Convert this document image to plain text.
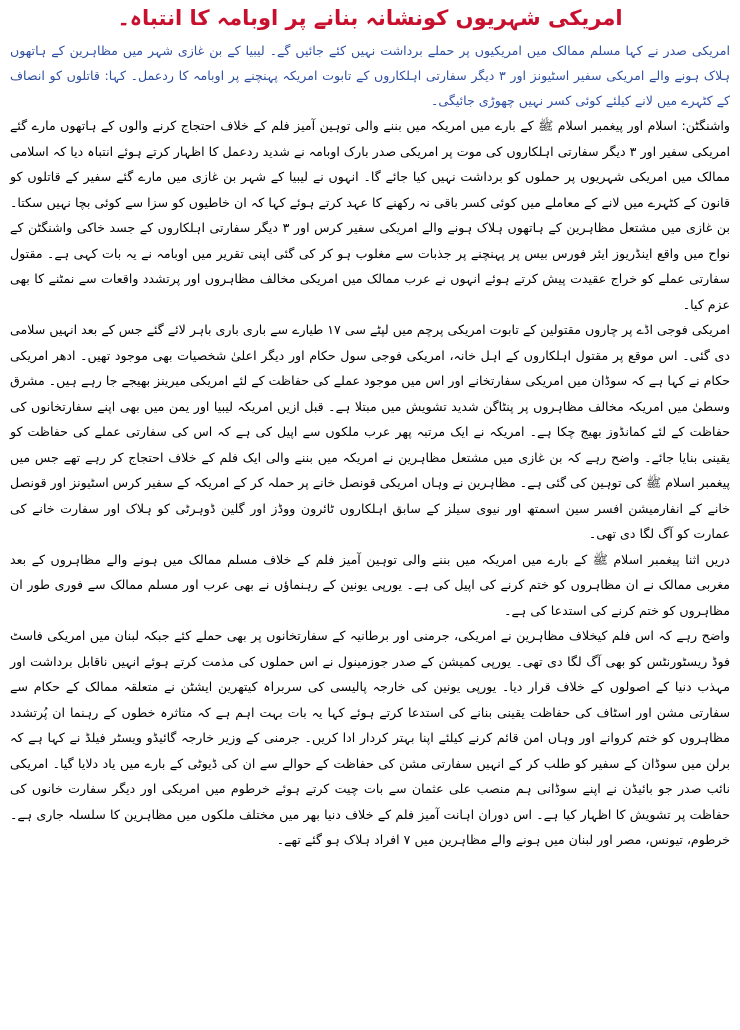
امریکی شہریوں کونشانہ بنانے پر اوبامہ کا انتباہ۔
امریکی صدر نے کہا مسلم ممالک میں امریکیوں پر حملے برداشت نہیں کئے جائیں گے۔ لیبیا کے بن غازی شہر میں مظاہرین کے ہاتھوں ہلاک ہونے والے امریکی سفیر اسٹیونز اور ۳ دیگر سفارتی اہلکاروں کے تابوت امریکہ پہنچنے پر اوبامہ کا ردعمل۔ کہا: قاتلوں کو انصاف کے کٹہرے میں لانے کیلئے کوئی کسر نہیں چھوڑی جائیگی۔

واشنگٹن: اسلام اور پیغمبر اسلام ﷺ کے بارے میں امریکہ میں بننے والی توہین آمیز فلم کے خلاف احتجاج کرنے والوں کے ہاتھوں مارے گئے امریکی سفیر اور ۳ دیگر سفارتی اہلکاروں کی موت پر امریکی صدر بارک اوبامہ نے شدید ردعمل کا اظہار کرتے ہوئے انتباہ دیا کہ اسلامی ممالک میں امریکی شہریوں پر حملوں کو برداشت نہیں کیا جائے گا۔ انہوں نے لیبیا کے شہر بن غازی میں مارے گئے سفیر کے قاتلوں کو قانون کے کٹہرے میں لانے کے معاملے میں کوئی کسر باقی نہ رکھنے کا عہد کرتے ہوئے کہا کہ ان خاطیوں کو سزا سے کوئی بچا نہیں سکتا۔ بن غازی میں مشتعل مظاہرین کے ہاتھوں ہلاک ہونے والے امریکی سفیر کرس اور ۳ دیگر سفارتی اہلکاروں کے جسد خاکی واشنگٹن کے نواح میں واقع اینڈریوز ایئر فورس بیس پر پہنچنے پر جذبات سے مغلوب ہو کر کی گئی اپنی تقریر میں اوبامہ نے یہ بات کہی ہے۔ مقتول سفارتی عملے کو خراج عقیدت پیش کرتے ہوئے انہوں نے عرب ممالک میں امریکی مخالف مظاہروں اور پرتشدد واقعات سے نمٹنے کا بھی عزم کیا۔

امریکی فوجی اڈے پر چاروں مقتولین کے تابوت امریکی پرچم میں لپٹے سی ۱۷ طیارے سے باری باری باہر لائے گئے جس کے بعد انہیں سلامی دی گئی۔ اس موقع پر مقتول اہلکاروں کے اہل خانہ، امریکی فوجی سول حکام اور دیگر اعلیٰ شخصیات بھی موجود تھیں۔ ادھر امریکی حکام نے کہا ہے کہ سوڈان میں امریکی سفارتخانے اور اس میں موجود عملے کی حفاظت کے لئے امریکی میرینز بھیجے جا رہے ہیں۔ مشرق وسطیٰ میں امریکہ مخالف مظاہروں پر پنٹاگن شدید تشویش میں مبتلا ہے۔ قبل ازیں امریکہ لیبیا اور یمن میں بھی اپنے سفارتخانوں کی حفاظت کے لئے کمانڈوز بھیج چکا ہے۔ امریکہ نے ایک مرتبہ پھر عرب ملکوں سے اپیل کی ہے کہ اس کی سفارتی عملے کی حفاظت کو یقینی بنایا جائے۔ واضح رہے کہ بن غازی میں مشتعل مظاہرین نے امریکہ میں بننے والی ایک فلم کے خلاف احتجاج کر رہے تھے جس میں پیغمبر اسلام ﷺ کی توہین کی گئی ہے۔ مظاہرین نے وہاں امریکی قونصل خانے پر حملہ کر کے امریکہ کے سفیر کرس اسٹیونز اور قونصل خانے کے انفارمیشن افسر سین اسمتھ اور نیوی سیلز کے سابق اہلکاروں ٹائرون ووڈز اور گلین ڈوہرٹی کو ہلاک اور سفارت خانے کی عمارت کو آگ لگا دی تھی۔

دریں اثنا پیغمبر اسلام ﷺ کے بارے میں امریکہ میں بننے والی توہین آمیز فلم کے خلاف مسلم ممالک میں ہونے والے مظاہروں کے بعد مغربی ممالک نے ان مظاہروں کو ختم کرنے کی اپیل کی ہے۔ یورپی یونین کے رہنماؤں نے بھی عرب اور مسلم ممالک سے فوری طور ان مظاہروں کو ختم کرنے کی استدعا کی ہے۔

واضح رہے کہ اس فلم کیخلاف مظاہرین نے امریکی، جرمنی اور برطانیہ کے سفارتخانوں پر بھی حملے کئے جبکہ لبنان میں امریکی فاسٹ فوڈ ریسٹورنٹس کو بھی آگ لگا دی تھی۔ یورپی کمیشن کے صدر جوزمینول نے اس حملوں کی مذمت کرتے ہوئے انہیں ناقابل برداشت اور مہذب دنیا کے اصولوں کے خلاف قرار دیا۔ یورپی یونین کی خارجہ پالیسی کی سربراہ کیتھرین ایشٹن نے متعلقہ ممالک کے حکام سے سفارتی مشن اور اسٹاف کی حفاظت یقینی بنانے کی استدعا کرتے ہوئے کہا یہ بات بہت اہم ہے کہ متاثرہ خطوں کے رہنما ان پُرتشدد مظاہروں کو ختم کروانے اور وہاں امن قائم کرنے کیلئے اپنا بہتر کردار ادا کریں۔ جرمنی کے وزیر خارجہ گائیڈو ویسٹر فیلڈ نے کہا ہے کہ برلن میں سوڈان کے سفیر کو طلب کر کے انہیں سفارتی مشن کی حفاظت کے حوالے سے ان کی ڈیوٹی کے بارے میں یاد دلایا گیا۔ امریکی نائب صدر جو بائیڈن نے اپنے سوڈانی ہم منصب علی عثمان سے بات چیت کرتے ہوئے خرطوم میں امریکی اور دیگر سفارت خانوں کی حفاظت پر تشویش کا اظہار کیا ہے۔ اس دوران اہانت آمیز فلم کے خلاف دنیا بھر میں مختلف ملکوں میں مظاہرین کا سلسلہ جاری ہے۔ خرطوم، تیونس، مصر اور لبنان میں ہونے والے مظاہرین میں ۷ افراد ہلاک ہو گئے تھے۔
